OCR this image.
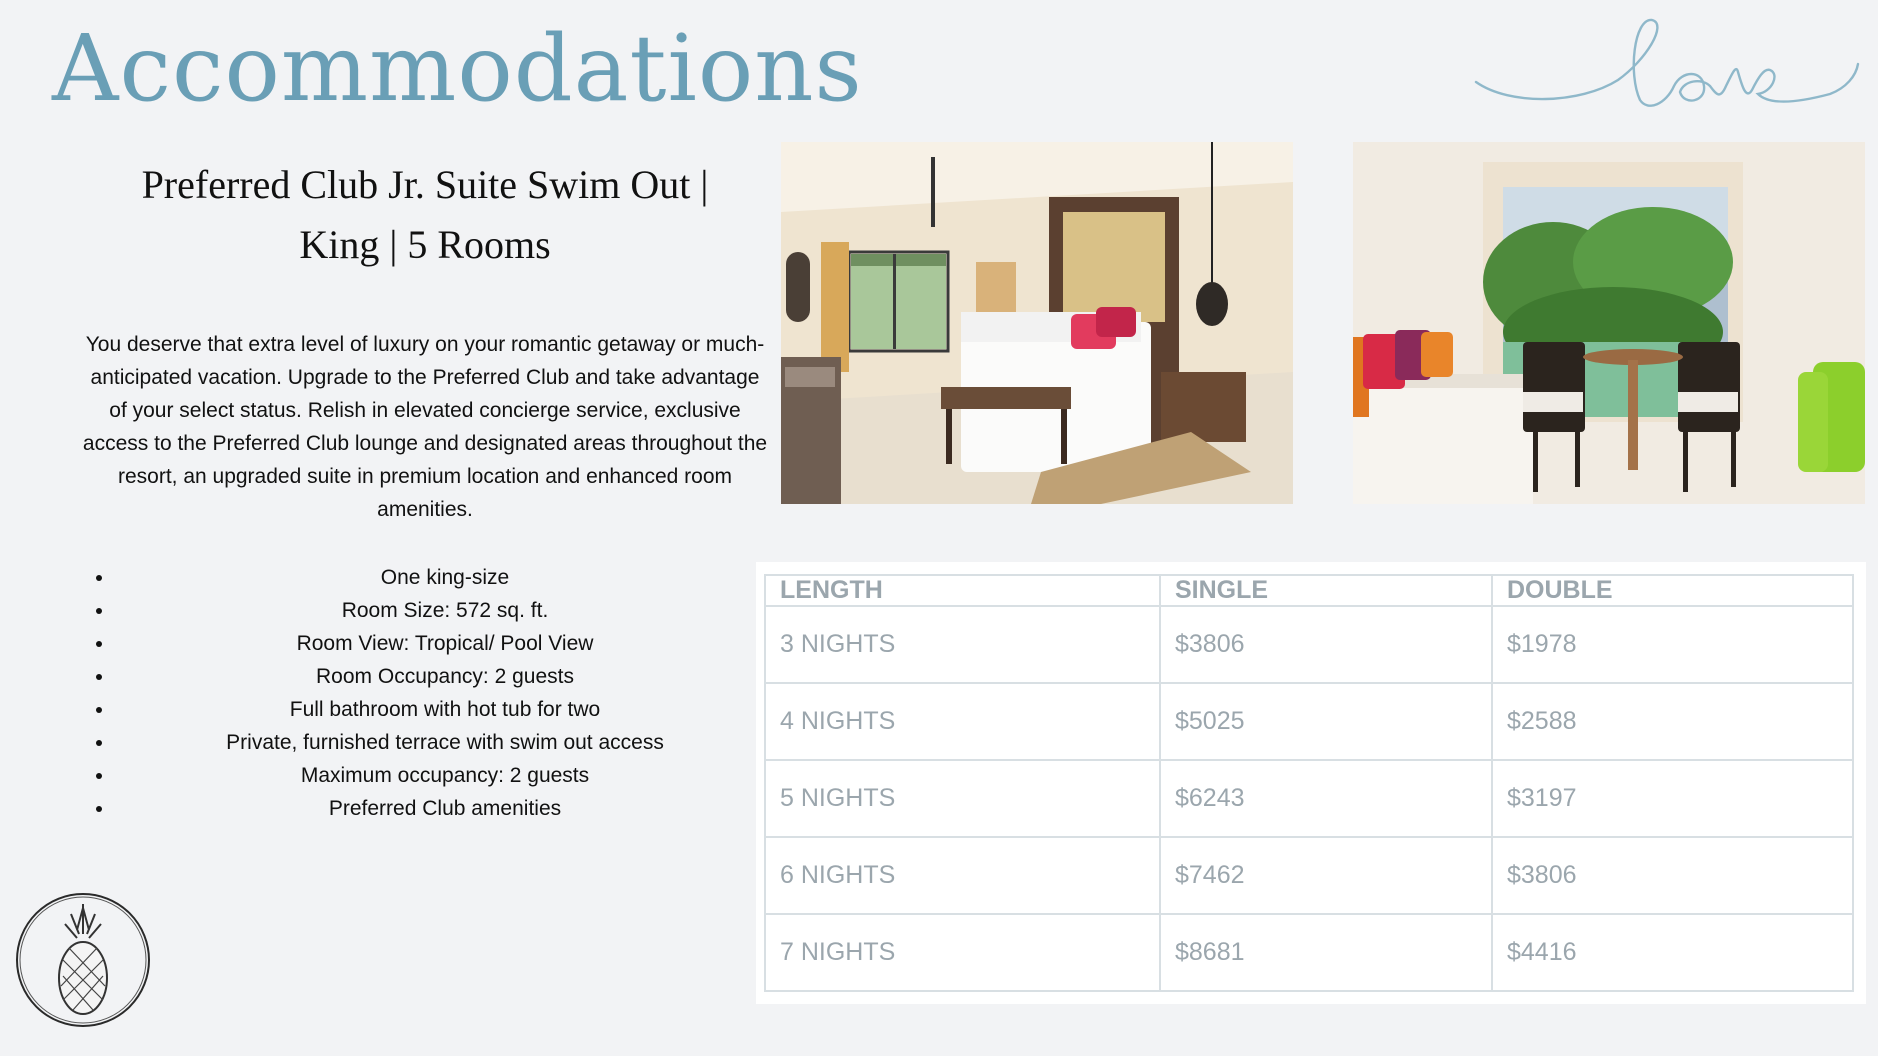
Accommodations
Preferred Club Jr. Suite Swim Out |
King | 5 Rooms

You deserve that extra level of luxury on your romantic getaway or much-anticipated vacation. Upgrade to the Preferred Club and take advantage of your select status. Relish in elevated concierge service, exclusive access to the Preferred Club lounge and designated areas throughout the resort, an upgraded suite in premium location and enhanced room amenities.

• One king-size
• Room Size: 572 sq. ft.
• Room View: Tropical/ Pool View
• Room Occupancy: 2 guests
• Full bathroom with hot tub for two
• Private, furnished terrace with swim out access
• Maximum occupancy: 2 guests
• Preferred Club amenities
LENGTH	SINGLE	DOUBLE
3 NIGHTS	$3806	$1978
4 NIGHTS	$5025	$2588
5 NIGHTS	$6243	$3197
6 NIGHTS	$7462	$3806
7 NIGHTS	$8681	$4416
